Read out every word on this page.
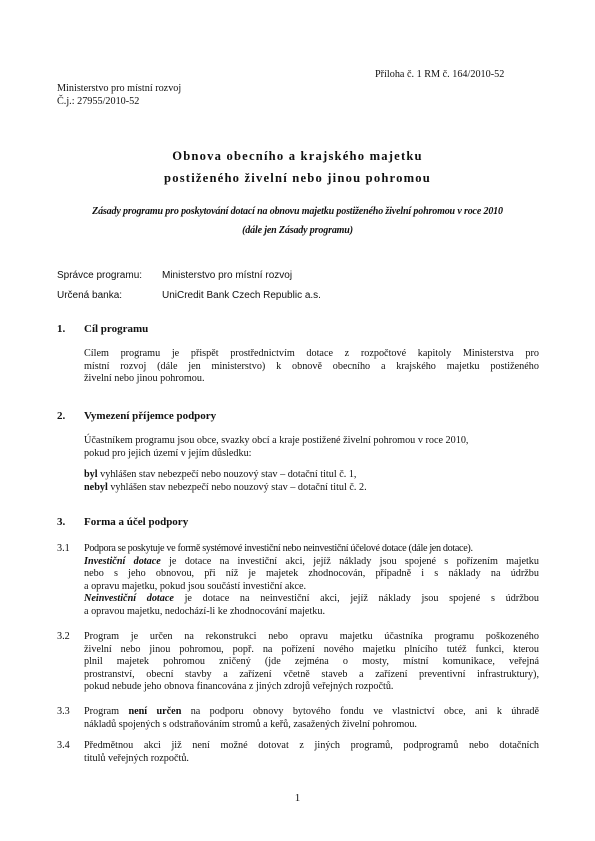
Příloha č. 1 RM č. 164/2010-52
Ministerstvo pro místní rozvoj
Č.j.: 27955/2010-52
Obnova obecního a krajského majetku
postiženého živelní nebo jinou pohromou
Zásady programu pro poskytování dotací na obnovu majetku postiženého živelní pohromou v roce 2010
(dále jen Zásady programu)
Správce programu: Ministerstvo pro místní rozvoj
Určená banka:	UniCredit Bank Czech Republic a.s.
1. Cíl programu
Cílem programu je přispět prostřednictvím dotace z rozpočtové kapitoly Ministerstva pro
místní rozvoj (dále jen ministerstvo) k obnově obecního a krajského majetku postiženého
živelní nebo jinou pohromou.
2. Vymezení příjemce podpory
Účastníkem programu jsou obce, svazky obcí a kraje postižené živelní pohromou v roce 2010,
pokud pro jejich území v jejím důsledku:
byl vyhlášen stav nebezpečí nebo nouzový stav – dotační titul č. 1,
nebyl vyhlášen stav nebezpečí nebo nouzový stav – dotační titul č. 2.
3. Forma a účel podpory
3.1 Podpora se poskytuje ve formě systémové investiční nebo neinvestiční účelové dotace (dále jen dotace).
Investiční dotace je dotace na investiční akci, jejíž náklady jsou spojené s pořízením majetku
nebo s jeho obnovou, při níž je majetek zhodnocován, případně i s náklady na údržbu
a opravu majetku, pokud jsou součástí investiční akce.
Neinvestiční dotace je dotace na neinvestiční akci, jejíž náklady jsou spojené s údržbou
a opravou majetku, nedochází-li ke zhodnocování majetku.
3.2 Program je určen na rekonstrukci nebo opravu majetku účastníka programu poškozeného
živelní nebo jinou pohromou, popř. na pořízení nového majetku plnícího tutéž funkci, kterou
plnil majetek pohromou zničený (jde zejména o mosty, místní komunikace, veřejná
prostranství, obecní stavby a zařízení včetně staveb a zařízení preventivní infrastruktury),
pokud nebude jeho obnova financována z jiných zdrojů veřejných rozpočtů.
3.3 Program není určen na podporu obnovy bytového fondu ve vlastnictví obce, ani k úhradě
nákladů spojených s odstraňováním stromů a keřů, zasažených živelní pohromou.
3.4 Předmětnou akci již není možné dotovat z jiných programů, podprogramů nebo dotačních
titulů veřejných rozpočtů.
1
